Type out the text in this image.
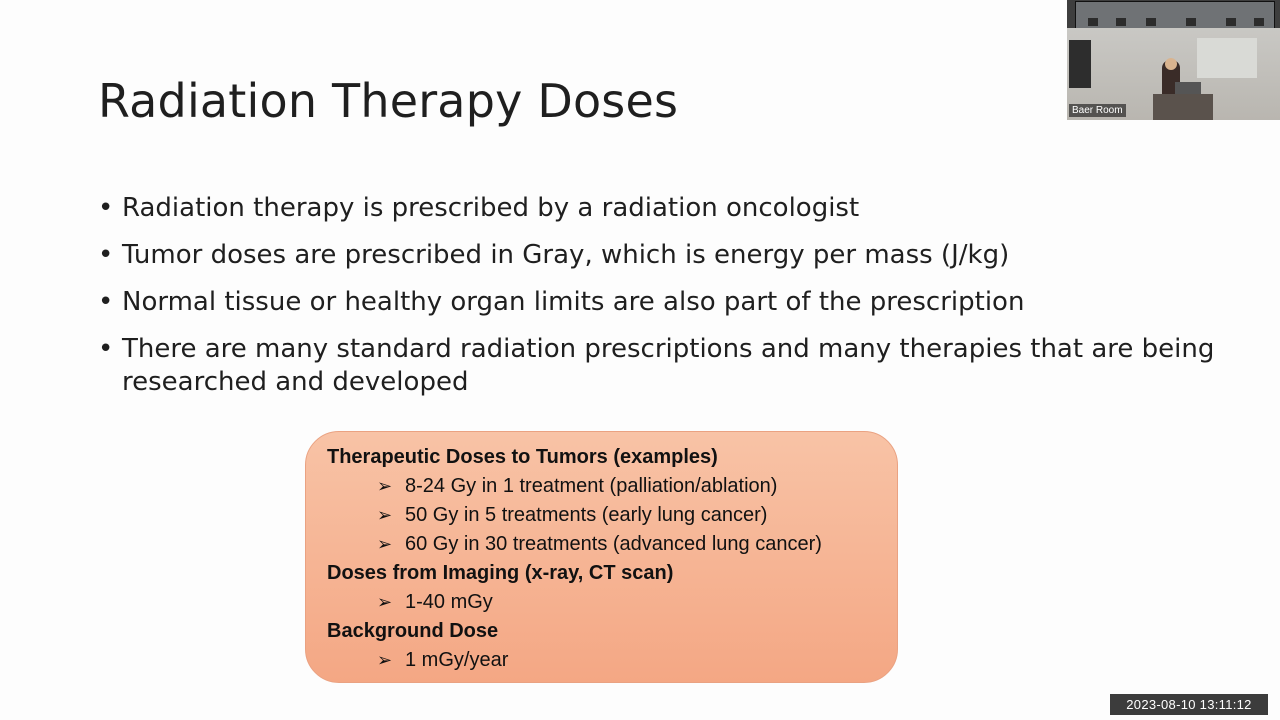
Radiation Therapy Doses
• Radiation therapy is prescribed by a radiation oncologist
• Tumor doses are prescribed in Gray, which is energy per mass (J/kg)
• Normal tissue or healthy organ limits are also part of the prescription
• There are many standard radiation prescriptions and many therapies that are being researched and developed
Therapeutic Doses to Tumors (examples)
➢ 8-24 Gy in 1 treatment (palliation/ablation)
➢ 50 Gy in 5 treatments (early lung cancer)
➢ 60 Gy in 30 treatments (advanced lung cancer)
Doses from Imaging (x-ray, CT scan)
➢ 1-40 mGy
Background Dose
➢ 1 mGy/year
Baer Room
2023-08-10 13:11:12
